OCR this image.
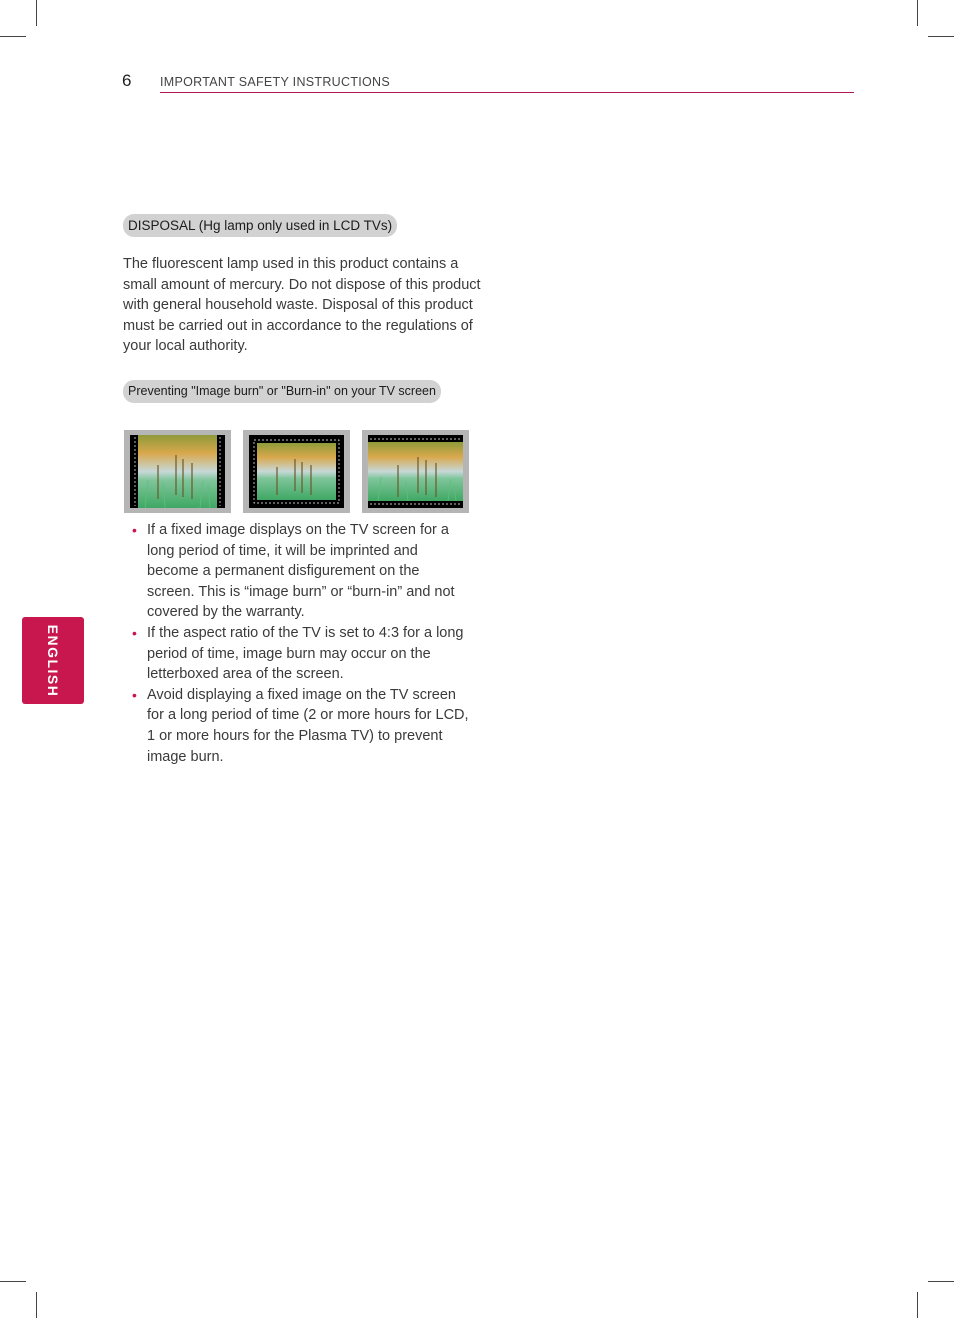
6 IMPORTANT SAFETY INSTRUCTIONS
ENGLISH
DISPOSAL (Hg lamp only used in LCD TVs)

The fluorescent lamp used in this product contains a small amount of mercury. Do not dispose of this product with general household waste. Disposal of this product must be carried out in accordance to the regulations of your local authority.

Preventing "Image burn" or "Burn-in" on your TV screen
• If a fixed image displays on the TV screen for a long period of time, it will be imprinted and become a permanent disfigurement on the screen. This is “image burn” or “burn-in” and not covered by the warranty.
• If the aspect ratio of the TV is set to 4:3 for a long period of time, image burn may occur on the letterboxed area of the screen.
• Avoid displaying a fixed image on the TV screen for a long period of time (2 or more hours for LCD, 1 or more hours for the Plasma TV) to prevent image burn.
